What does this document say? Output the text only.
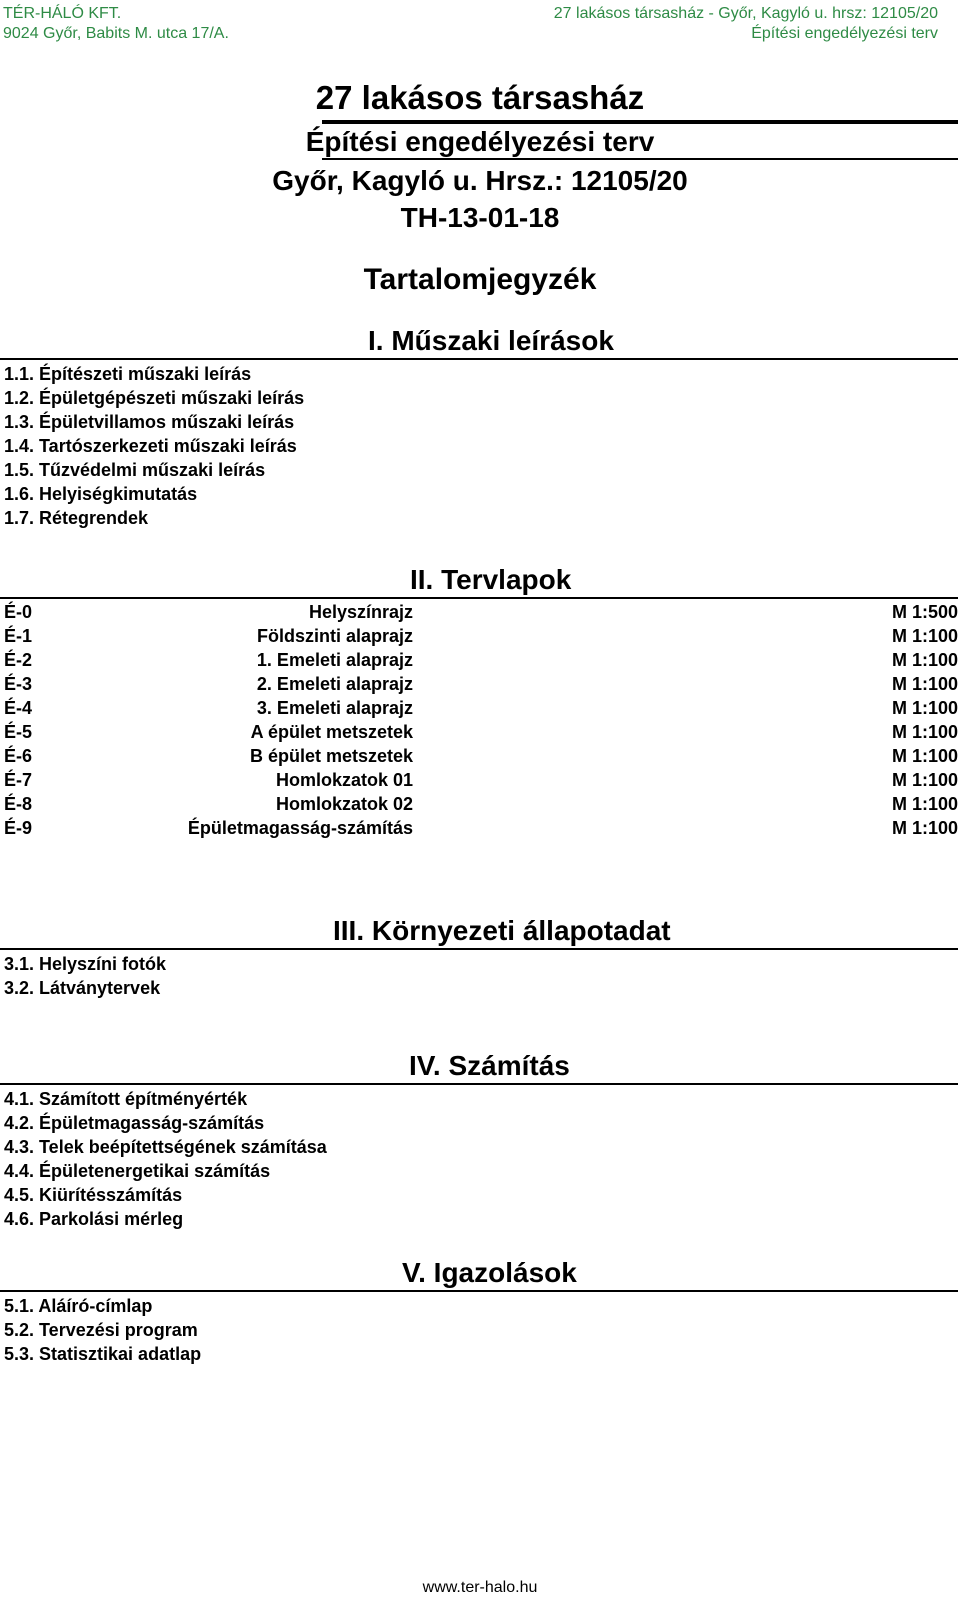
TÉR-HÁLÓ KFT.
9024 Győr, Babits M. utca 17/A.
27 lakásos társasház - Győr, Kagyló u. hrsz: 12105/20
Építési engedélyezési terv
27 lakásos társasház
Építési engedélyezési terv
Győr, Kagyló u. Hrsz.: 12105/20
TH-13-01-18
Tartalomjegyzék
I. Műszaki leírások
1.1. Építészeti műszaki leírás
1.2. Épületgépészeti műszaki leírás
1.3. Épületvillamos műszaki leírás
1.4. Tartószerkezeti műszaki leírás
1.5. Tűzvédelmi műszaki leírás
1.6. Helyiségkimutatás
1.7. Rétegrendek
II. Tervlapok
É-0	Helyszínrajz	M 1:500
É-1	Földszinti alaprajz	M 1:100
É-2	1. Emeleti alaprajz	M 1:100
É-3	2. Emeleti alaprajz	M 1:100
É-4	3. Emeleti alaprajz	M 1:100
É-5	A épület metszetek	M 1:100
É-6	B épület metszetek	M 1:100
É-7	Homlokzatok 01	M 1:100
É-8	Homlokzatok 02	M 1:100
É-9	Épületmagasság-számítás	M 1:100
III. Környezeti állapotadat
3.1. Helyszíni fotók
3.2. Látványtervek
IV. Számítás
4.1. Számított építményérték
4.2. Épületmagasság-számítás
4.3. Telek beépítettségének számítása
4.4. Épületenergetikai számítás
4.5. Kiürítésszámítás
4.6. Parkolási mérleg
V. Igazolások
5.1. Aláíró-címlap
5.2. Tervezési program
5.3. Statisztikai adatlap
www.ter-halo.hu
